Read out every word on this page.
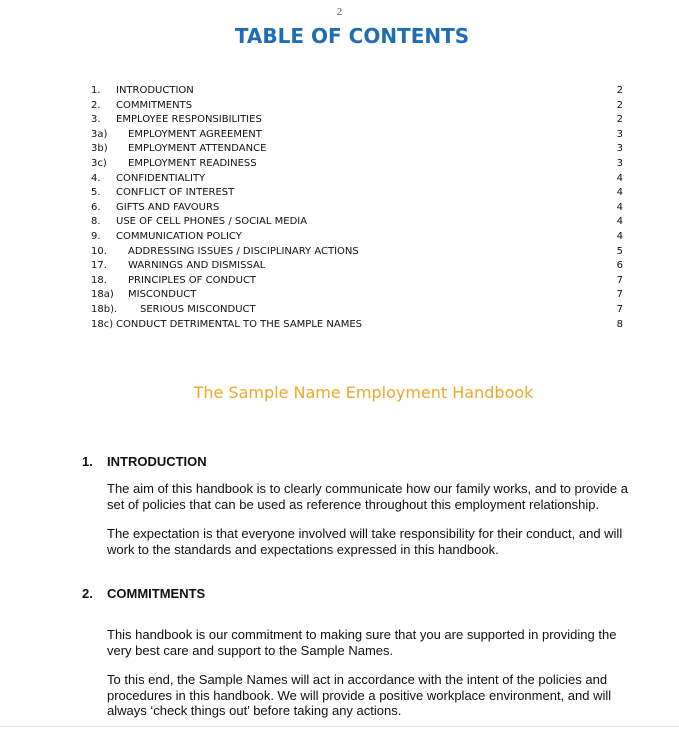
2
TABLE OF CONTENTS
1. INTRODUCTION	2
2. COMMITMENTS	2
3. EMPLOYEE RESPONSIBILITIES	2
3a) EMPLOYMENT AGREEMENT	3
3b) EMPLOYMENT ATTENDANCE	3
3c) EMPLOYMENT READINESS	3
4. CONFIDENTIALITY	4
5. CONFLICT OF INTEREST	4
6. GIFTS AND FAVOURS	4
8. USE OF CELL PHONES / SOCIAL MEDIA	4
9. COMMUNICATION POLICY	4
10. ADDRESSING ISSUES / DISCIPLINARY ACTIONS	5
17. WARNINGS AND DISMISSAL	6
18. PRINCIPLES OF CONDUCT	7
18a) MISCONDUCT	7
18b). SERIOUS MISCONDUCT	7
18c) CONDUCT DETRIMENTAL TO THE SAMPLE NAMES	8
The Sample Name Employment Handbook
1. INTRODUCTION
The aim of this handbook is to clearly communicate how our family works, and to provide a set of policies that can be used as reference throughout this employment relationship.
The expectation is that everyone involved will take responsibility for their conduct, and will work to the standards and expectations expressed in this handbook.
2. COMMITMENTS
This handbook is our commitment to making sure that you are supported in providing the very best care and support to the Sample Names.
To this end, the Sample Names will act in accordance with the intent of the policies and procedures in this handbook. We will provide a positive workplace environment, and will always ‘check things out’ before taking any actions.
